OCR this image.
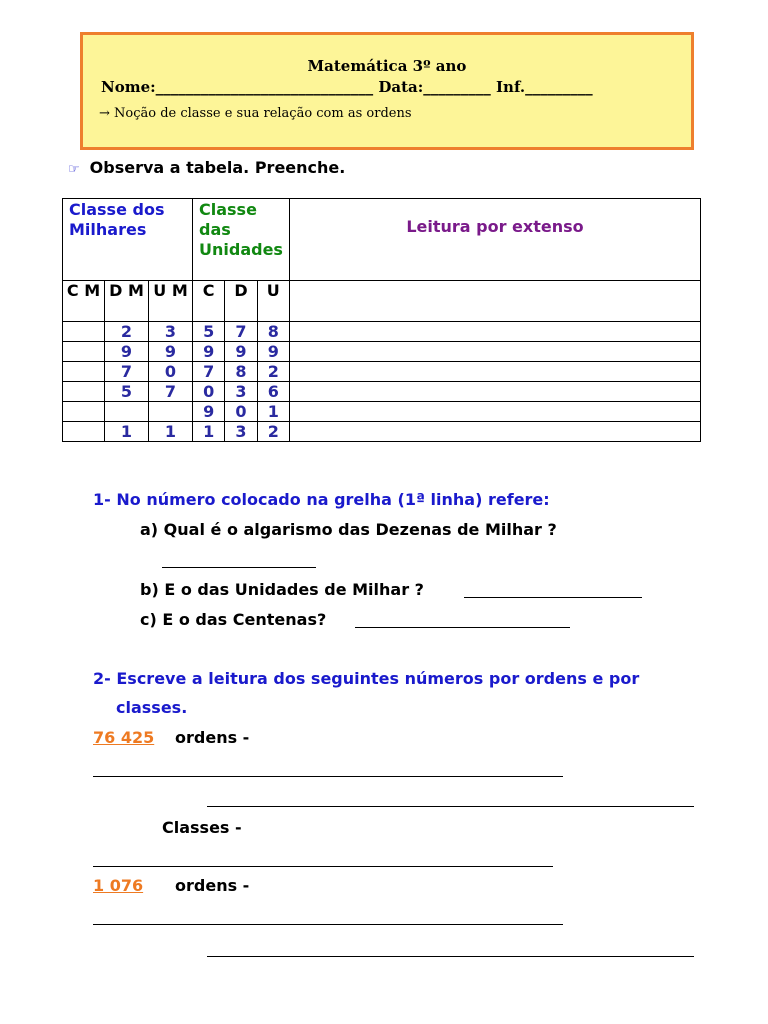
Matemática 3º ano
Nome:_____________________________ Data:_________ Inf._________
→ Noção de classe e sua relação com as ordens
☞ Observa a tabela. Preenche.
Classe dos Milhares			Classe das Unidades			Leitura por extenso

C M	D M	U M	C	D	U	
	2	3	5	7	8	
	9	9	9	9	9	
	7	0	7	8	2	
	5	7	0	3	6	
			9	0	1	
	1	1	1	3	2	
1- No número colocado na grelha (1ª linha) refere:
a) Qual é o algarismo das Dezenas de Milhar ?
b) E o das Unidades de Milhar ?
c) E o das Centenas?
2- Escreve a leitura dos seguintes números por ordens e por
classes.
76 425 ordens -
Classes -
1 076 ordens -
